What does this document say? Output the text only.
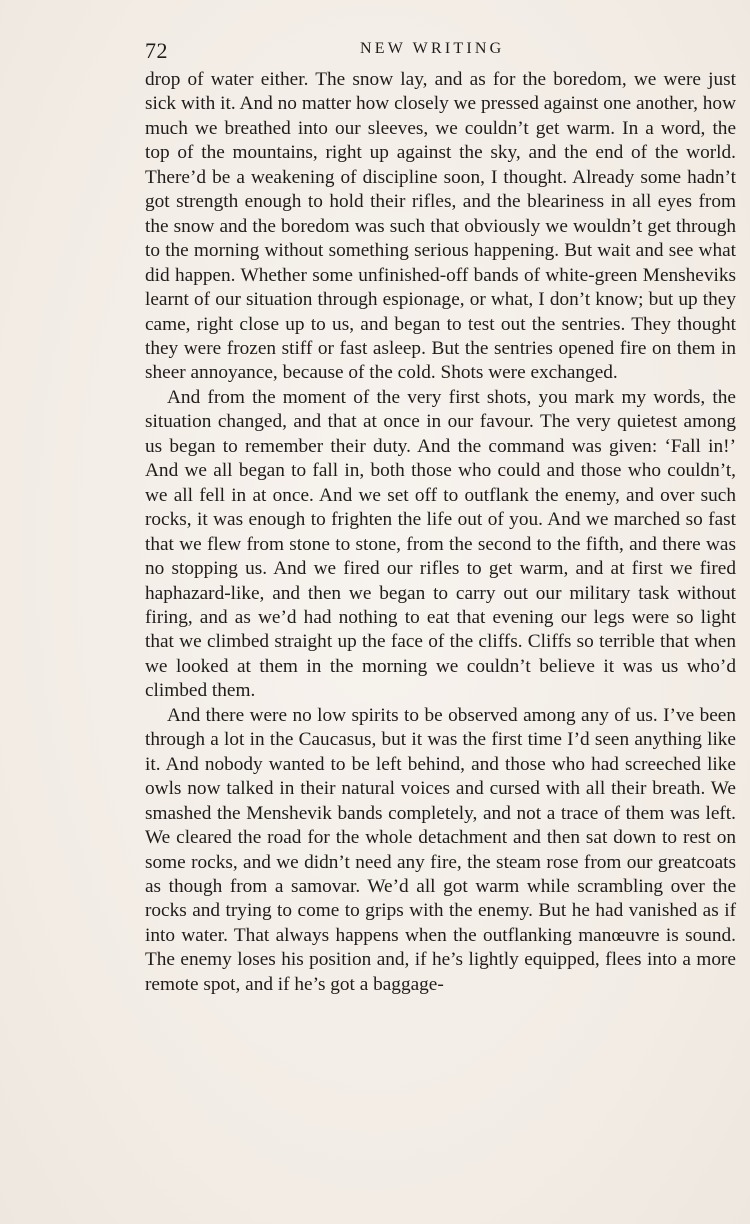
72	NEW WRITING

drop of water either. The snow lay, and as for the boredom, we were just sick with it. And no matter how closely we pressed against one another, how much we breathed into our sleeves, we couldn’t get warm. In a word, the top of the mountains, right up against the sky, and the end of the world. There’d be a weakening of discipline soon, I thought. Already some hadn’t got strength enough to hold their rifles, and the bleariness in all eyes from the snow and the boredom was such that obviously we wouldn’t get through to the morning without something serious happening. But wait and see what did happen. Whether some unfinished-off bands of white-green Mensheviks learnt of our situation through espionage, or what, I don’t know; but up they came, right close up to us, and began to test out the sentries. They thought they were frozen stiff or fast asleep. But the sentries opened fire on them in sheer annoyance, because of the cold. Shots were exchanged.

And from the moment of the very first shots, you mark my words, the situation changed, and that at once in our favour. The very quietest among us began to remember their duty. And the command was given: ‘Fall in!’ And we all began to fall in, both those who could and those who couldn’t, we all fell in at once. And we set off to outflank the enemy, and over such rocks, it was enough to frighten the life out of you. And we marched so fast that we flew from stone to stone, from the second to the fifth, and there was no stopping us. And we fired our rifles to get warm, and at first we fired haphazard-like, and then we began to carry out our military task without firing, and as we’d had nothing to eat that evening our legs were so light that we climbed straight up the face of the cliffs. Cliffs so terrible that when we looked at them in the morning we couldn’t believe it was us who’d climbed them.

And there were no low spirits to be observed among any of us. I’ve been through a lot in the Caucasus, but it was the first time I’d seen anything like it. And nobody wanted to be left behind, and those who had screeched like owls now talked in their natural voices and cursed with all their breath. We smashed the Menshevik bands completely, and not a trace of them was left. We cleared the road for the whole detachment and then sat down to rest on some rocks, and we didn’t need any fire, the steam rose from our greatcoats as though from a samovar. We’d all got warm while scrambling over the rocks and trying to come to grips with the enemy. But he had vanished as if into water. That always happens when the outflanking manœuvre is sound. The enemy loses his position and, if he’s lightly equipped, flees into a more remote spot, and if he’s got a baggage-
